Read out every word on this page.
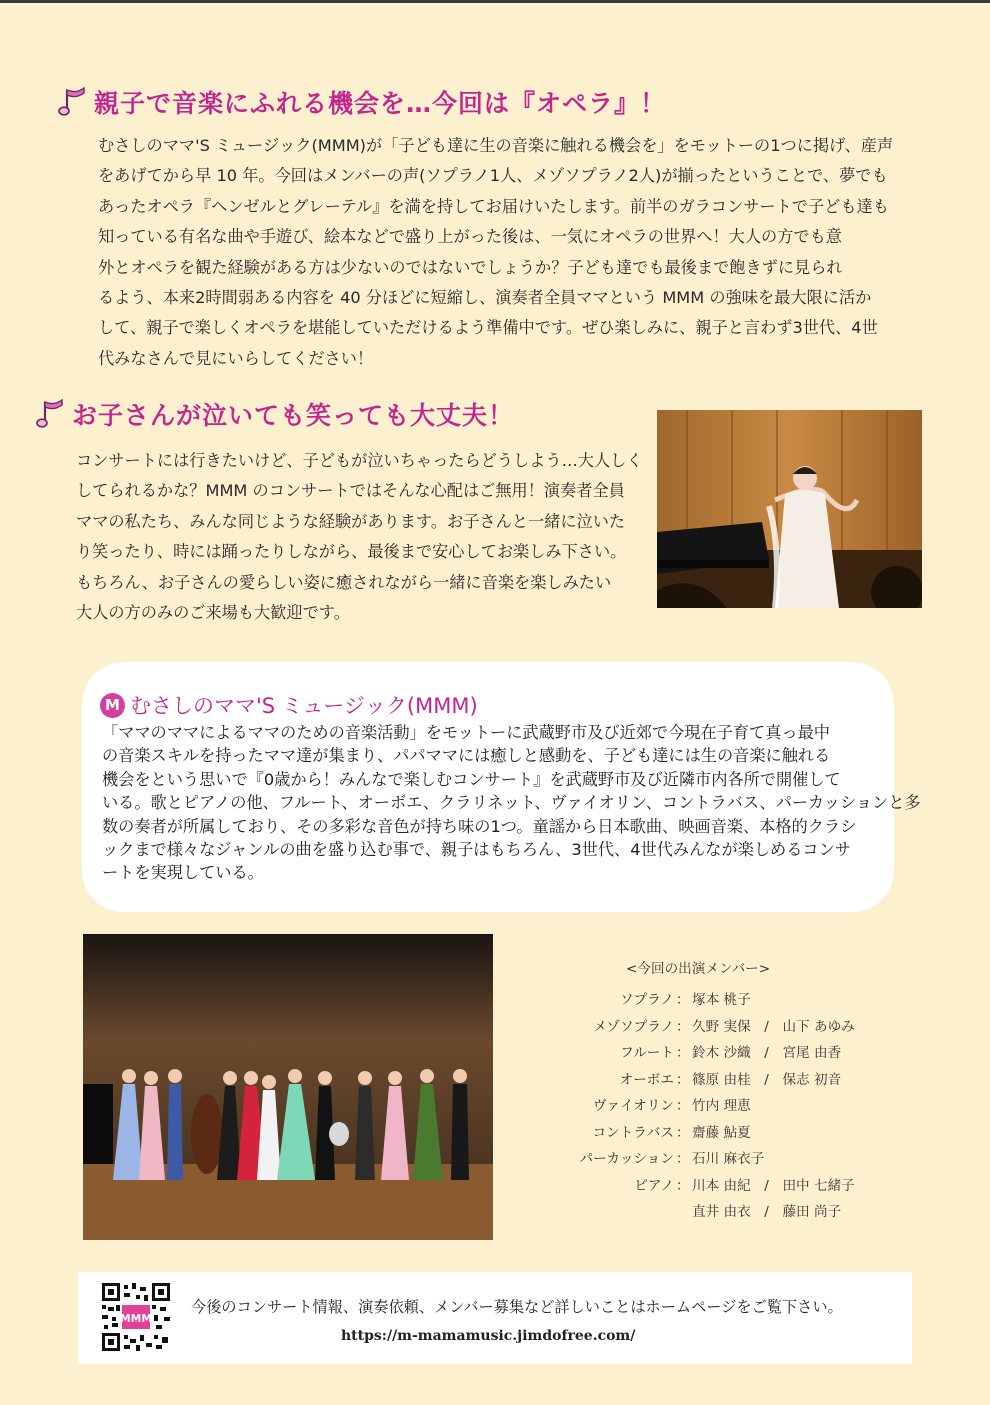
親子で音楽にふれる機会を…今回は『オペラ』！
むさしのママ'S ミュージック(MMM)が「子ども達に生の音楽に触れる機会を」をモットーの1つに掲げ、産声
をあげてから早 10 年。今回はメンバーの声(ソプラノ1人、メゾソプラノ2人)が揃ったということで、夢でも
あったオペラ『ヘンゼルとグレーテル』を満を持してお届けいたします。前半のガラコンサートで子ども達も
知っている有名な曲や手遊び、絵本などで盛り上がった後は、一気にオペラの世界へ！大人の方でも意
外とオペラを観た経験がある方は少ないのではないでしょうか？子ども達でも最後まで飽きずに見られ
るよう、本来2時間弱ある内容を 40 分ほどに短縮し、演奏者全員ママという MMM の強味を最大限に活か
して、親子で楽しくオペラを堪能していただけるよう準備中です。ぜひ楽しみに、親子と言わず3世代、4世
代みなさんで見にいらしてください！
お子さんが泣いても笑っても大丈夫！
コンサートには行きたいけど、子どもが泣いちゃったらどうしよう…大人しく
してられるかな？MMM のコンサートではそんな心配はご無用！演奏者全員
ママの私たち、みんな同じような経験があります。お子さんと一緒に泣いた
り笑ったり、時には踊ったりしながら、最後まで安心してお楽しみ下さい。
もちろん、お子さんの愛らしい姿に癒されながら一緒に音楽を楽しみたい
大人の方のみのご来場も大歓迎です。
M むさしのママ'S ミュージック(MMM)
「ママのママによるママのための音楽活動」をモットーに武蔵野市及び近郊で今現在子育て真っ最中
の音楽スキルを持ったママ達が集まり、パパママには癒しと感動を、子ども達には生の音楽に触れる
機会をという思いで『0歳から！みんなで楽しむコンサート』を武蔵野市及び近隣市内各所で開催して
いる。歌とピアノの他、フルート、オーボエ、クラリネット、ヴァイオリン、コントラバス、パーカッションと多
数の奏者が所属しており、その多彩な音色が持ち味の1つ。童謡から日本歌曲、映画音楽、本格的クラシ
ックまで様々なジャンルの曲を盛り込む事で、親子はもちろん、3世代、4世代みんなが楽しめるコンサ
ートを実現している。
<今回の出演メンバー>
ソプラノ ： 塚本 桃子
メゾソプラノ ： 久野 実保　/　山下 あゆみ
フルート ： 鈴木 沙織　/　宮尾 由香
オーボエ ： 篠原 由桂　/　保志 初音
ヴァイオリン ： 竹内 理恵
コントラバス ： 齋藤 鮎夏
パーカッション ： 石川 麻衣子
ピアノ ： 川本 由紀　/　田中 七緒子
直井 由衣　/　藤田 尚子
MMM
今後のコンサート情報、演奏依頼、メンバー募集など詳しいことはホームページをご覧下さい。
https://m-mamamusic.jimdofree.com/
